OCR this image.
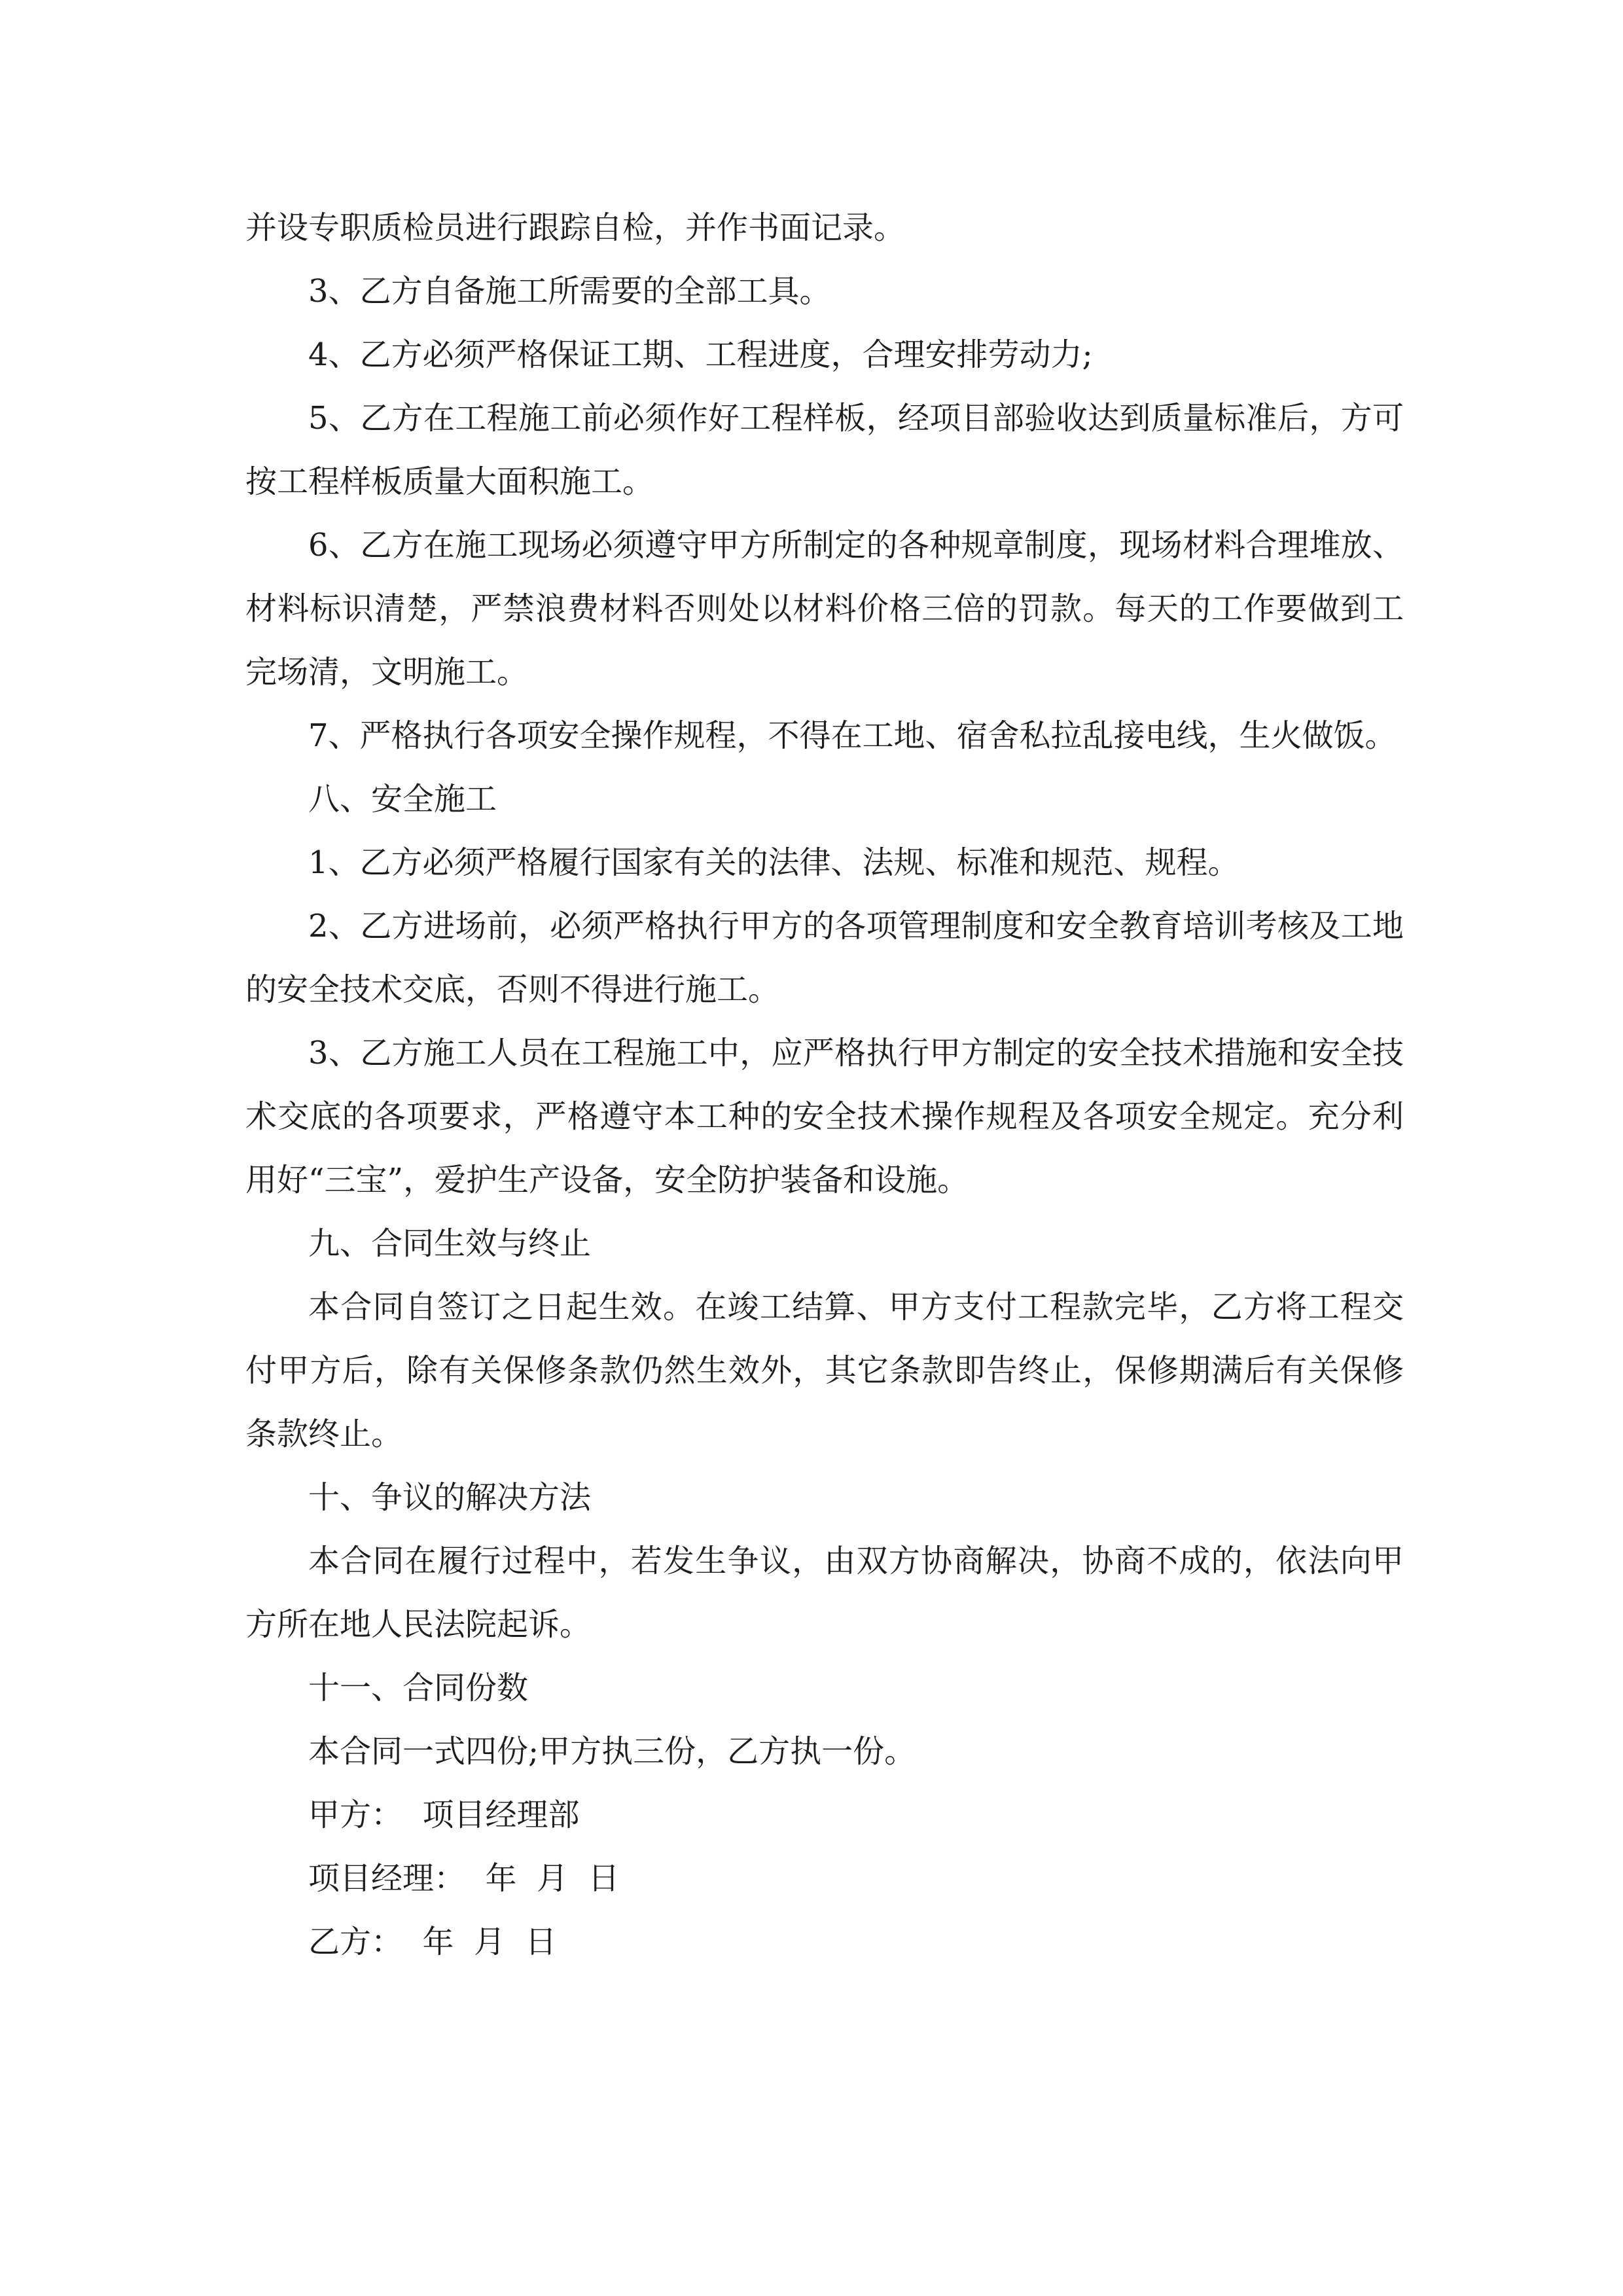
并设专职质检员进行跟踪自检，并作书面记录。

3、乙方自备施工所需要的全部工具。

4、乙方必须严格保证工期、工程进度，合理安排劳动力;

5、乙方在工程施工前必须作好工程样板，经项目部验收达到质量标准后，方可按工程样板质量大面积施工。

6、乙方在施工现场必须遵守甲方所制定的各种规章制度，现场材料合理堆放、材料标识清楚，严禁浪费材料否则处以材料价格三倍的罚款。每天的工作要做到工完场清，文明施工。

7、严格执行各项安全操作规程，不得在工地、宿舍私拉乱接电线，生火做饭。

八、安全施工

1、乙方必须严格履行国家有关的法律、法规、标准和规范、规程。

2、乙方进场前，必须严格执行甲方的各项管理制度和安全教育培训考核及工地的安全技术交底，否则不得进行施工。

3、乙方施工人员在工程施工中，应严格执行甲方制定的安全技术措施和安全技术交底的各项要求，严格遵守本工种的安全技术操作规程及各项安全规定。充分利用好“三宝”，爱护生产设备，安全防护装备和设施。

九、合同生效与终止

本合同自签订之日起生效。在竣工结算、甲方支付工程款完毕，乙方将工程交付甲方后，除有关保修条款仍然生效外，其它条款即告终止，保修期满后有关保修条款终止。

十、争议的解决方法

本合同在履行过程中，若发生争议，由双方协商解决，协商不成的，依法向甲方所在地人民法院起诉。

十一、合同份数

本合同一式四份;甲方执三份，乙方执一份。

甲方：  项目经理部

项目经理：  年  月  日

乙方：  年  月  日
